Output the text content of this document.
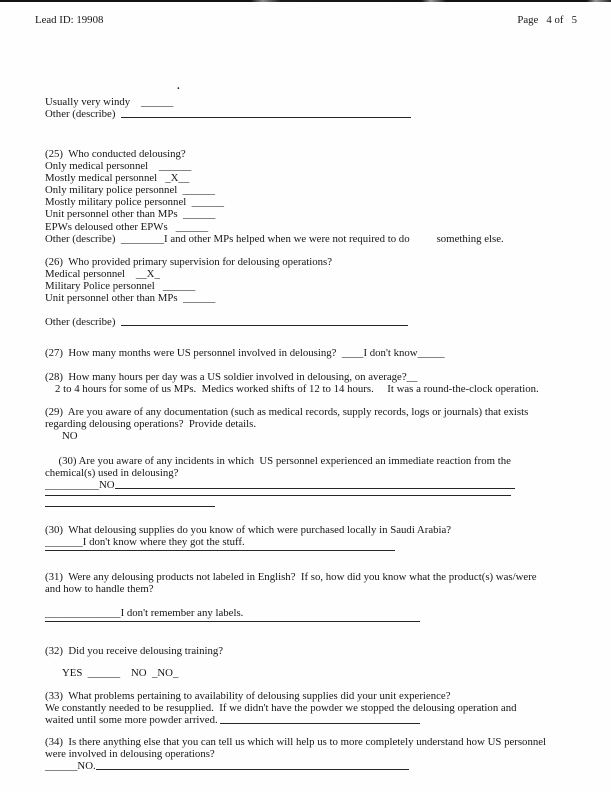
Lead ID: 19908	Page   4 of   5
.
Usually very windy    ______
Other (describe)
(25)  Who conducted delousing?
Only medical personnel    ______
Mostly medical personnel   _X__
Only military police personnel  ______
Mostly military police personnel  ______
Unit personnel other than MPs  ______
EPWs deloused other EPWs   ______
Other (describe)  ________I and other MPs helped when we were not required to do          something else.
(26)  Who provided primary supervision for delousing operations?
Medical personnel    __X_
Military Police personnel   ______
Unit personnel other than MPs  ______
Other (describe)
(27)  How many months were US personnel involved in delousing?  ____I don't know_____
(28)  How many hours per day was a US soldier involved in delousing, on average?__
2 to 4 hours for some of us MPs.  Medics worked shifts of 12 to 14 hours.     It was a round-the-clock operation.
(29)  Are you aware of any documentation (such as medical records, supply records, logs or journals) that exists
regarding delousing operations?  Provide details.
NO
(30) Are you aware of any incidents in which  US personnel experienced an immediate reaction from the
chemical(s) used in delousing?
__________NO
(30)  What delousing supplies do you know of which were purchased locally in Saudi Arabia?
_______I don't know where they got the stuff.
(31)  Were any delousing products not labeled in English?  If so, how did you know what the product(s) was/were
and how to handle them?
______________I don't remember any labels.
(32)  Did you receive delousing training?
YES  ______    NO  _NO_
(33)  What problems pertaining to availability of delousing supplies did your unit experience?
We constantly needed to be resupplied.  If we didn't have the powder we stopped the delousing operation and
waited until some more powder arrived.
(34)  Is there anything else that you can tell us which will help us to more completely understand how US personnel
were involved in delousing operations?
______NO.
